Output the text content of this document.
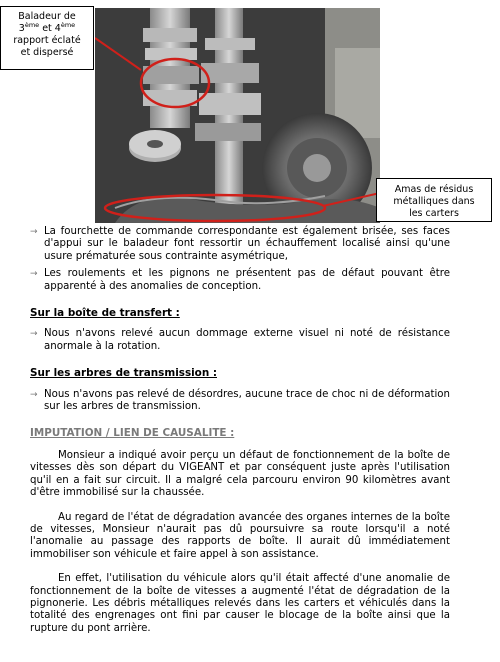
Baladeur de
3ème et 4ème
rapport éclaté
et dispersé
Amas de résidus
métalliques dans
les carters
→ La fourchette de commande correspondante est également brisée, ses faces d'appui sur le baladeur font ressortir un échauffement localisé ainsi qu'une usure prématurée sous contrainte asymétrique,
→ Les roulements et les pignons ne présentent pas de défaut pouvant être apparenté à des anomalies de conception.
Sur la boîte de transfert :
→ Nous n'avons relevé aucun dommage externe visuel ni noté de résistance anormale à la rotation.
Sur les arbres de transmission :
→ Nous n'avons pas relevé de désordres, aucune trace de choc ni de déformation sur les arbres de transmission.
IMPUTATION / LIEN DE CAUSALITE :

Monsieur a indiqué avoir perçu un défaut de fonctionnement de la boîte de vitesses dès son départ du VIGEANT et par conséquent juste après l'utilisation qu'il en a fait sur circuit. Il a malgré cela parcouru environ 90 kilomètres avant d'être immobilisé sur la chaussée.

Au regard de l'état de dégradation avancée des organes internes de la boîte de vitesses, Monsieur n'aurait pas dû poursuivre sa route lorsqu'il a noté l'anomalie au passage des rapports de boîte. Il aurait dû immédiatement immobiliser son véhicule et faire appel à son assistance.

En effet, l'utilisation du véhicule alors qu'il était affecté d'une anomalie de fonctionnement de la boîte de vitesses a augmenté l'état de dégradation de la pignonerie. Les débris métalliques relevés dans les carters et véhiculés dans la totalité des engrenages ont fini par causer le blocage de la boîte ainsi que la rupture du pont arrière.
